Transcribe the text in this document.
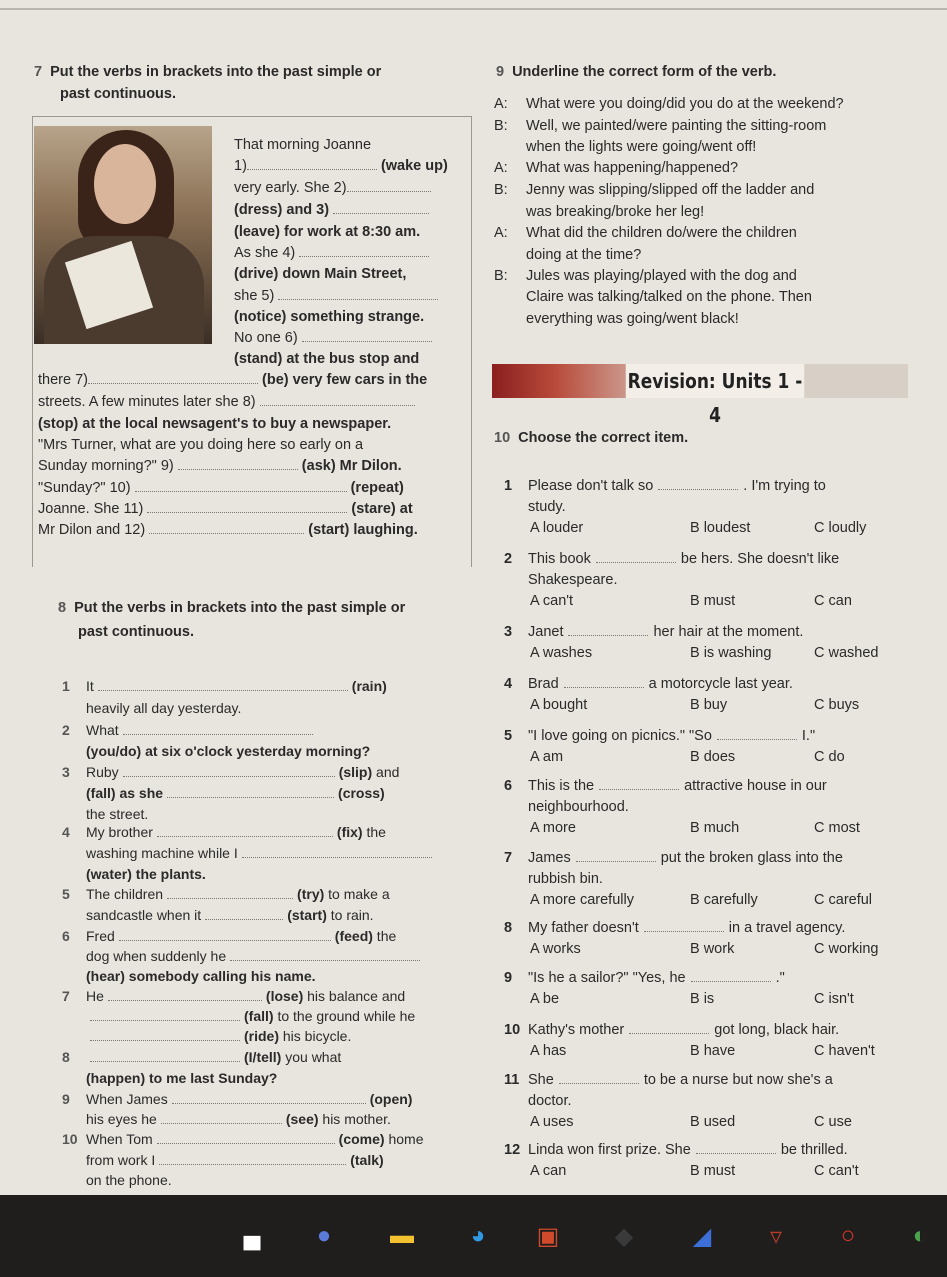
7 Put the verbs in brackets into the past simple or
past continuous.
That morning Joanne
1)	(wake up)
very early. She 2)
(dress) and 3)
(leave) for work at 8:30 am.
As she 4)
(drive) down Main Street,
she 5)
(notice) something strange.
No one 6)
(stand) at the bus stop and
there 7)	(be) very few cars in the
streets. A few minutes later she 8)
(stop) at the local newsagent's to buy a newspaper.
"Mrs Turner, what are you doing here so early on a
Sunday morning?" 9)	(ask) Mr Dilon.
"Sunday?" 10)	(repeat)
Joanne. She 11)	(stare) at
Mr Dilon and 12)	(start) laughing.
8 Put the verbs in brackets into the past simple or
past continuous.
9 Underline the correct form of the verb.
Revision: Units 1 - 4
10 Choose the correct item.
1 It	(rain)
heavily all day yesterday.
2 What
(you/do) at six o'clock yesterday morning?
3 Ruby	(slip) and
(fall) as she	(cross)
the street.
4 My brother	(fix) the
washing machine while I
(water) the plants.
5 The children	(try) to make a
sandcastle when it	(start) to rain.
6 Fred	(feed) the
dog when suddenly he
(hear) somebody calling his name.
7 He	(lose) his balance and
(fall) to the ground while he
(ride) his bicycle.
8	(I/tell) you what
(happen) to me last Sunday?
9 When James	(open)
his eyes he	(see) his mother.
10 When Tom	(come) home
from work I	(talk)
on the phone.
A: What were you doing/did you do at the weekend?
B: Well, we painted/were painting the sitting-room
when the lights were going/went off!
A: What was happening/happened?
B: Jenny was slipping/slipped off the ladder and
was breaking/broke her leg!
A: What did the children do/were the children
doing at the time?
B: Jules was playing/played with the dog and
Claire was talking/talked on the phone. Then
everything was going/went black!
1 Please don't talk so	. I'm trying to
study.
A louder	B loudest	C loudly
2 This book	be hers. She doesn't like
Shakespeare.
A can't	B must	C can
3 Janet	her hair at the moment.
A washes	B is washing	C washed
4 Brad	a motorcycle last year.
A bought	B buy	C buys
5 "I love going on picnics." "So	I."
A am	B does	C do
6 This is the	attractive house in our
neighbourhood.
A more	B much	C most
7 James	put the broken glass into the
rubbish bin.
A more carefully	B carefully	C careful
8 My father doesn't	in a travel agency.
A works	B work	C working
9 "Is he a sailor?" "Yes, he	."
A be	B is	C isn't
10 Kathy's mother	got long, black hair.
A has	B have	C haven't
11 She	to be a nurse but now she's a
doctor.
A uses	B used	C use
12 Linda won first prize. She	be thrilled.
A can	B must	C can't
▄	●	▬	◕	▣	◆	◢	▿	○	◐
